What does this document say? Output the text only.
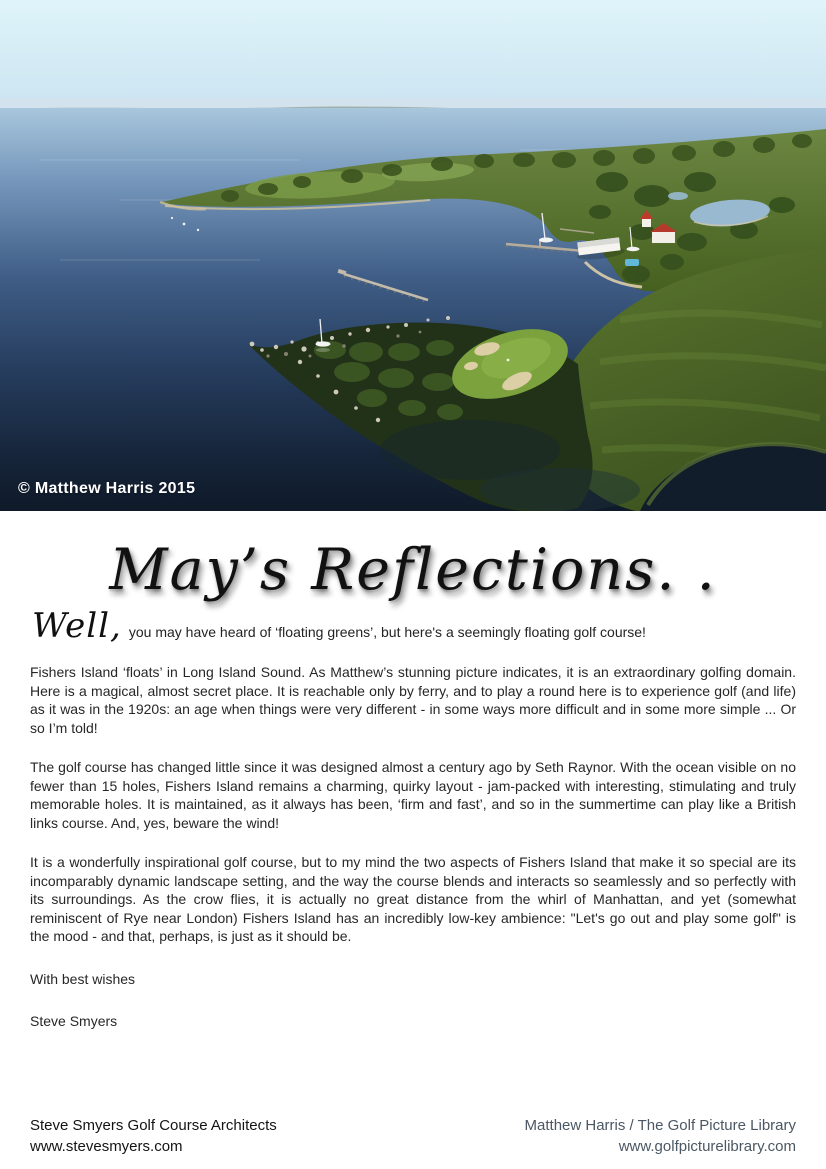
© Matthew Harris 2015
May’s Reflections. .

Well, you may have heard of ‘floating greens’, but here's a seemingly floating golf course!

Fishers Island ‘floats’ in Long Island Sound. As Matthew’s stunning picture indicates, it is an extraordinary golfing domain. Here is a magical, almost secret place. It is reachable only by ferry, and to play a round here is to experience golf (and life) as it was in the 1920s: an age when things were very different - in some ways more difficult and in some more simple ... Or so I’m told!

The golf course has changed little since it was designed almost a century ago by Seth Raynor. With the ocean visible on no fewer than 15 holes, Fishers Island remains a charming, quirky layout - jam-packed with interesting, stimulating and truly memorable holes. It is maintained, as it always has been, ‘firm and fast’, and so in the summertime can play like a British links course. And, yes, beware the wind!

It is a wonderfully inspirational golf course, but to my mind the two aspects of Fishers Island that make it so special are its incomparably dynamic landscape setting, and the way the course blends and interacts so seamlessly and so perfectly with its surroundings. As the crow flies, it is actually no great distance from the whirl of Manhattan, and yet (somewhat reminiscent of Rye near London) Fishers Island has an incredibly low-key ambience: "Let's go out and play some golf" is the mood - and that, perhaps, is just as it should be.

With best wishes

Steve Smyers

Steve Smyers Golf Course Architects
www.stevesmyers.com
Matthew Harris / The Golf Picture Library
www.golfpicturelibrary.com
